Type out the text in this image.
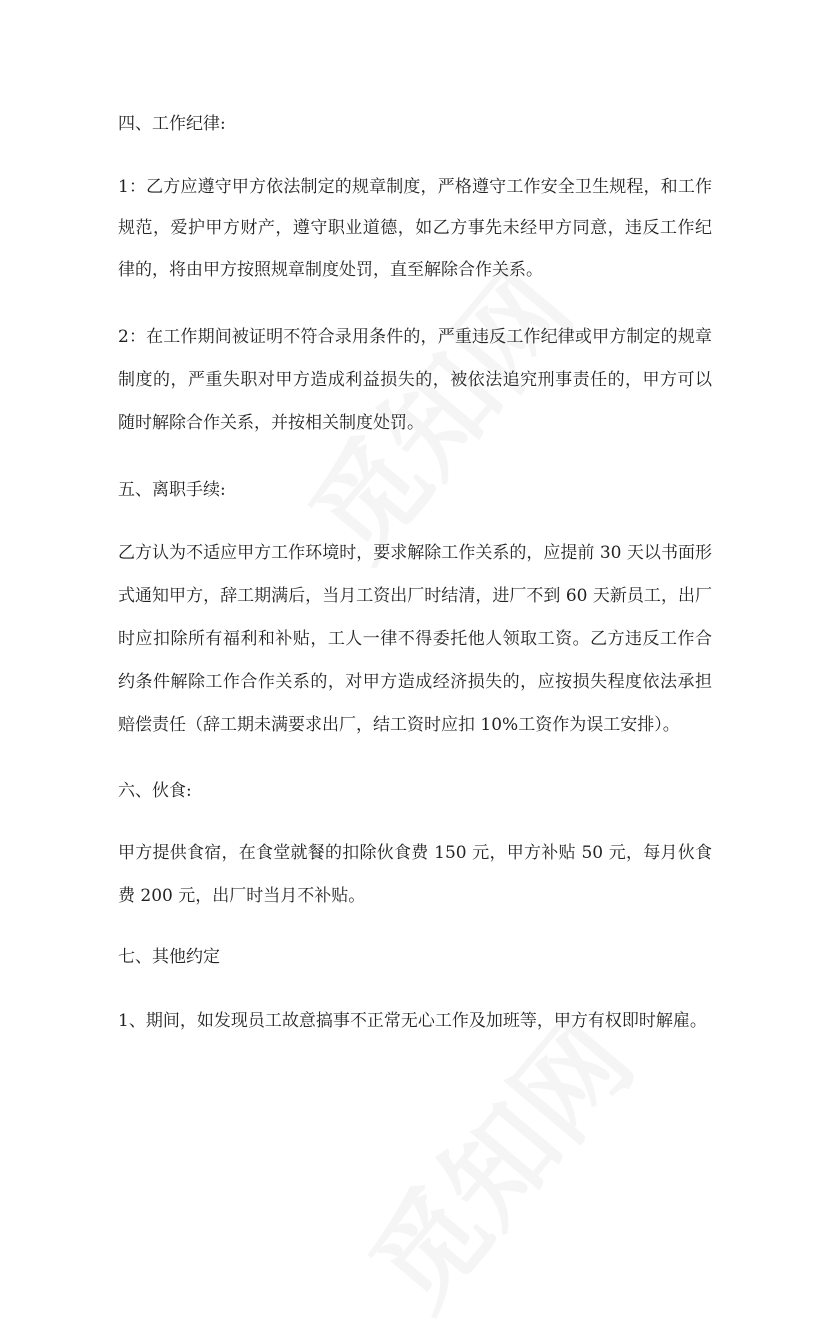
四、工作纪律:
1：乙方应遵守甲方依法制定的规章制度，严格遵守工作安全卫生规程，和工作
规范，爱护甲方财产，遵守职业道德，如乙方事先未经甲方同意，违反工作纪
律的，将由甲方按照规章制度处罚，直至解除合作关系。
2：在工作期间被证明不符合录用条件的，严重违反工作纪律或甲方制定的规章
制度的，严重失职对甲方造成利益损失的，被依法追究刑事责任的，甲方可以
随时解除合作关系，并按相关制度处罚。
五、离职手续:
乙方认为不适应甲方工作环境时，要求解除工作关系的，应提前 30 天以书面形
式通知甲方，辞工期满后，当月工资出厂时结清，进厂不到 60 天新员工，出厂
时应扣除所有福利和补贴，工人一律不得委托他人领取工资。乙方违反工作合
约条件解除工作合作关系的，对甲方造成经济损失的，应按损失程度依法承担
赔偿责任（辞工期未满要求出厂，结工资时应扣 10%工资作为误工安排）。
六、伙食:
甲方提供食宿，在食堂就餐的扣除伙食费 150 元，甲方补贴 50 元，每月伙食
费 200 元，出厂时当月不补贴。
七、其他约定
1、期间，如发现员工故意搞事不正常无心工作及加班等，甲方有权即时解雇。
